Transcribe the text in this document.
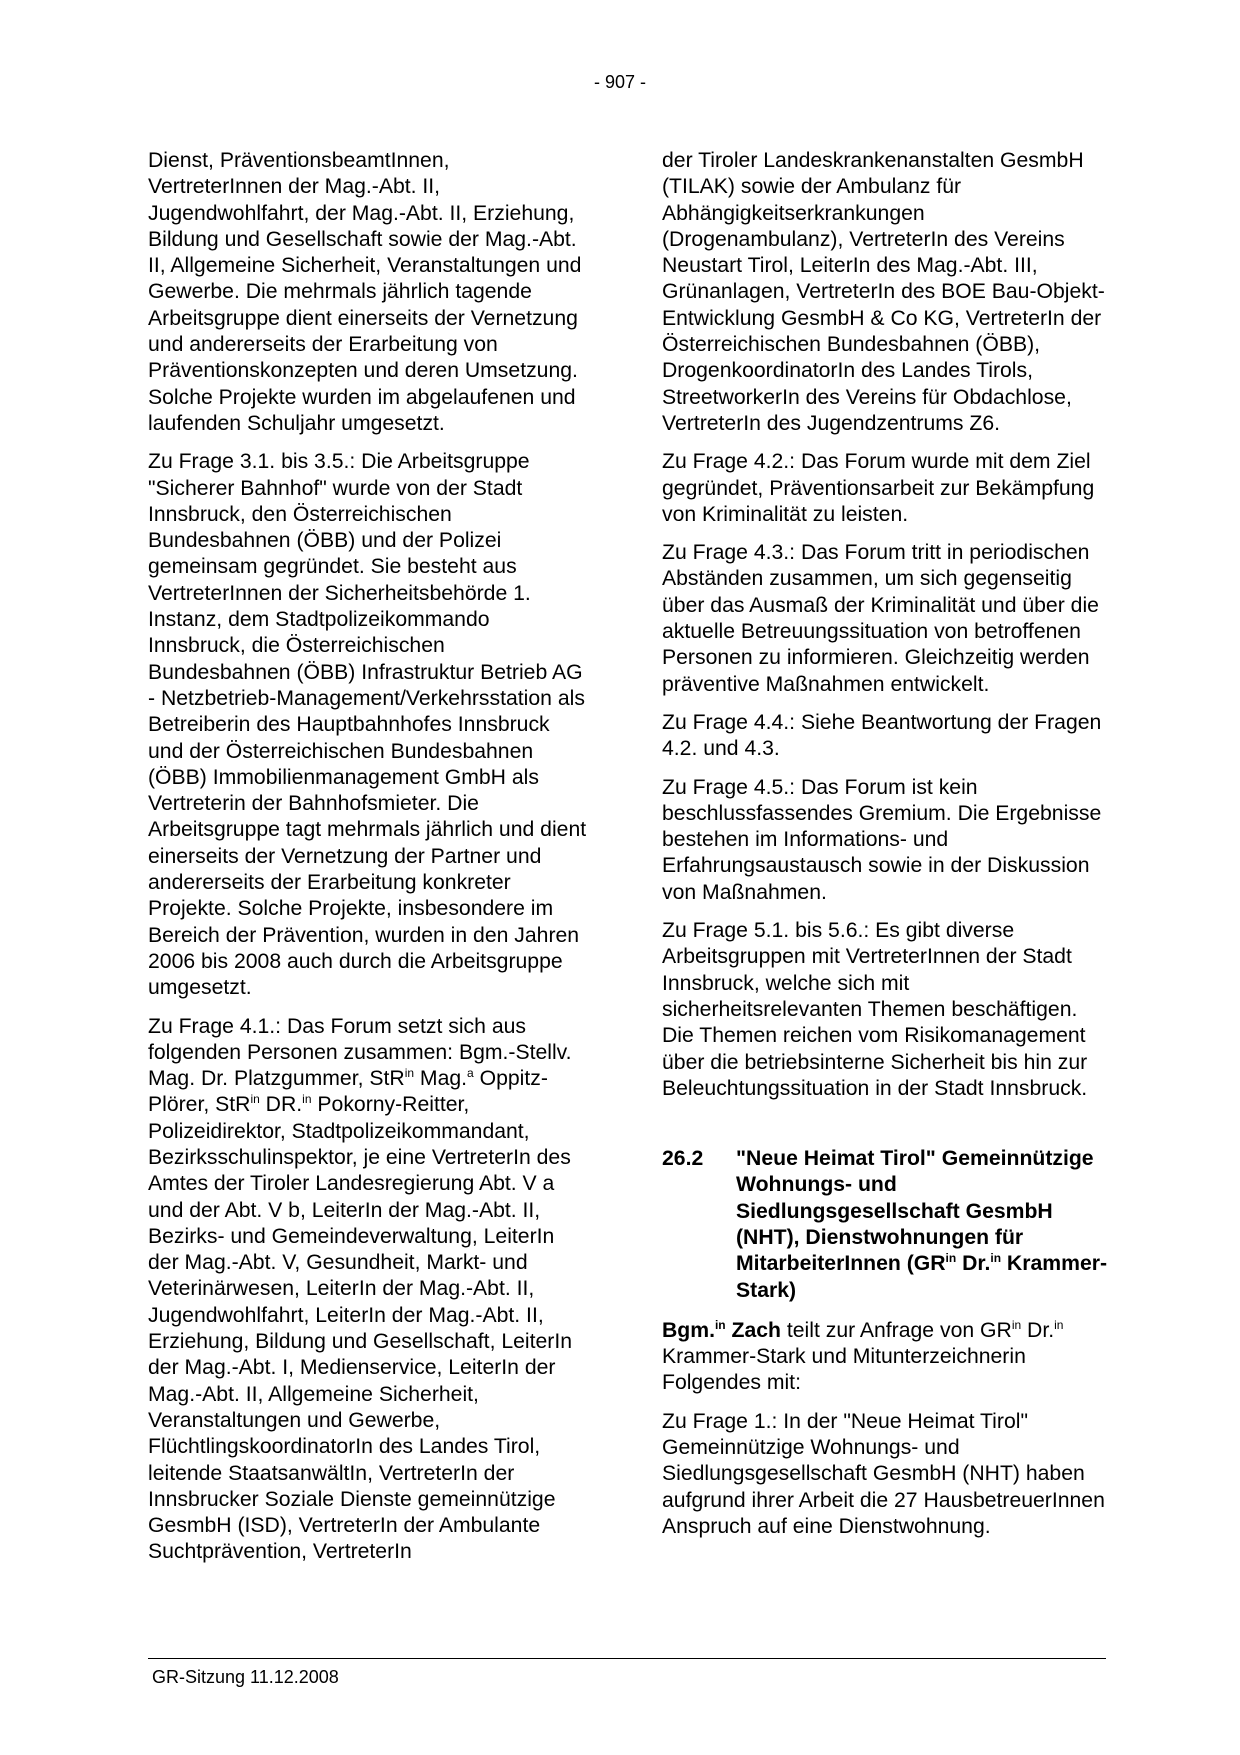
- 907 -

Dienst, PräventionsbeamtInnen, VertreterInnen der Mag.-Abt. II, Jugendwohlfahrt, der Mag.-Abt. II, Erziehung, Bildung und Gesellschaft sowie der Mag.-Abt. II, Allgemeine Sicherheit, Veranstaltungen und Gewerbe. Die mehrmals jährlich tagende Arbeitsgruppe dient einerseits der Vernetzung und andererseits der Erarbeitung von Präventionskonzepten und deren Umsetzung. Solche Projekte wurden im abgelaufenen und laufenden Schuljahr umgesetzt.

Zu Frage 3.1. bis 3.5.: Die Arbeitsgruppe "Sicherer Bahnhof" wurde von der Stadt Innsbruck, den Österreichischen Bundesbahnen (ÖBB) und der Polizei gemeinsam gegründet. Sie besteht aus VertreterInnen der Sicherheitsbehörde 1. Instanz, dem Stadtpolizeikommando Innsbruck, die Österreichischen Bundesbahnen (ÖBB) Infrastruktur Betrieb AG - Netzbetrieb-Management/Verkehrsstation als Betreiberin des Hauptbahnhofes Innsbruck und der Österreichischen Bundesbahnen (ÖBB) Immobilienmanagement GmbH als Vertreterin der Bahnhofsmieter. Die Arbeitsgruppe tagt mehrmals jährlich und dient einerseits der Vernetzung der Partner und andererseits der Erarbeitung konkreter Projekte. Solche Projekte, insbesondere im Bereich der Prävention, wurden in den Jahren 2006 bis 2008 auch durch die Arbeitsgruppe umgesetzt.

Zu Frage 4.1.: Das Forum setzt sich aus folgenden Personen zusammen: Bgm.-Stellv. Mag. Dr. Platzgummer, StR$^{in}$ Mag.$^a$ Oppitz-Plörer, StR$^{in}$ DR.$^{in}$ Pokorny-Reitter, Polizeidirektor, Stadtpolizeikommandant, Bezirksschulinspektor, je eine VertreterIn des Amtes der Tiroler Landesregierung Abt. V a und der Abt. V b, LeiterIn der Mag.-Abt. II, Bezirks- und Gemeindeverwaltung, LeiterIn der Mag.-Abt. V, Gesundheit, Markt- und Veterinärwesen, LeiterIn der Mag.-Abt. II, Jugendwohlfahrt, LeiterIn der Mag.-Abt. II, Erziehung, Bildung und Gesellschaft, LeiterIn der Mag.-Abt. I, Medienservice, LeiterIn der Mag.-Abt. II, Allgemeine Sicherheit, Veranstaltungen und Gewerbe, FlüchtlingskoordinatorIn des Landes Tirol, leitende StaatsanwältIn, VertreterIn der Innsbrucker Soziale Dienste gemeinnützige GesmbH (ISD), VertreterIn der Ambulante Suchtprävention, VertreterIn

der Tiroler Landeskrankenanstalten GesmbH (TILAK) sowie der Ambulanz für Abhängigkeitserkrankungen (Drogenambulanz), VertreterIn des Vereins Neustart Tirol, LeiterIn des Mag.-Abt. III, Grünanlagen, VertreterIn des BOE Bau-Objekt-Entwicklung GesmbH & Co KG, VertreterIn der Österreichischen Bundesbahnen (ÖBB), DrogenkoordinatorIn des Landes Tirols, StreetworkerIn des Vereins für Obdachlose, VertreterIn des Jugendzentrums Z6.

Zu Frage 4.2.: Das Forum wurde mit dem Ziel gegründet, Präventionsarbeit zur Bekämpfung von Kriminalität zu leisten.

Zu Frage 4.3.: Das Forum tritt in periodischen Abständen zusammen, um sich gegenseitig über das Ausmaß der Kriminalität und über die aktuelle Betreuungssituation von betroffenen Personen zu informieren. Gleichzeitig werden präventive Maßnahmen entwickelt.

Zu Frage 4.4.: Siehe Beantwortung der Fragen 4.2. und 4.3.

Zu Frage 4.5.: Das Forum ist kein beschlussfassendes Gremium. Die Ergebnisse bestehen im Informations- und Erfahrungsaustausch sowie in der Diskussion von Maßnahmen.

Zu Frage 5.1. bis 5.6.: Es gibt diverse Arbeitsgruppen mit VertreterInnen der Stadt Innsbruck, welche sich mit sicherheitsrelevanten Themen beschäftigen. Die Themen reichen vom Risikomanagement über die betriebsinterne Sicherheit bis hin zur Beleuchtungssituation in der Stadt Innsbruck.

26.2	"Neue Heimat Tirol" Gemeinnützige Wohnungs- und Siedlungsgesellschaft GesmbH (NHT), Dienstwohnungen für MitarbeiterInnen ($GR^{in}$ Dr.$^{in}$ Krammer-Stark)

Bgm.$^{in}$ Zach teilt zur Anfrage von $GR^{in}$ Dr.$^{in}$ Krammer-Stark und Mitunterzeichnerin Folgendes mit:

Zu Frage 1.: In der "Neue Heimat Tirol" Gemeinnützige Wohnungs- und Siedlungsgesellschaft GesmbH (NHT) haben aufgrund ihrer Arbeit die 27 HausbetreuerInnen Anspruch auf eine Dienstwohnung.

GR-Sitzung 11.12.2008
